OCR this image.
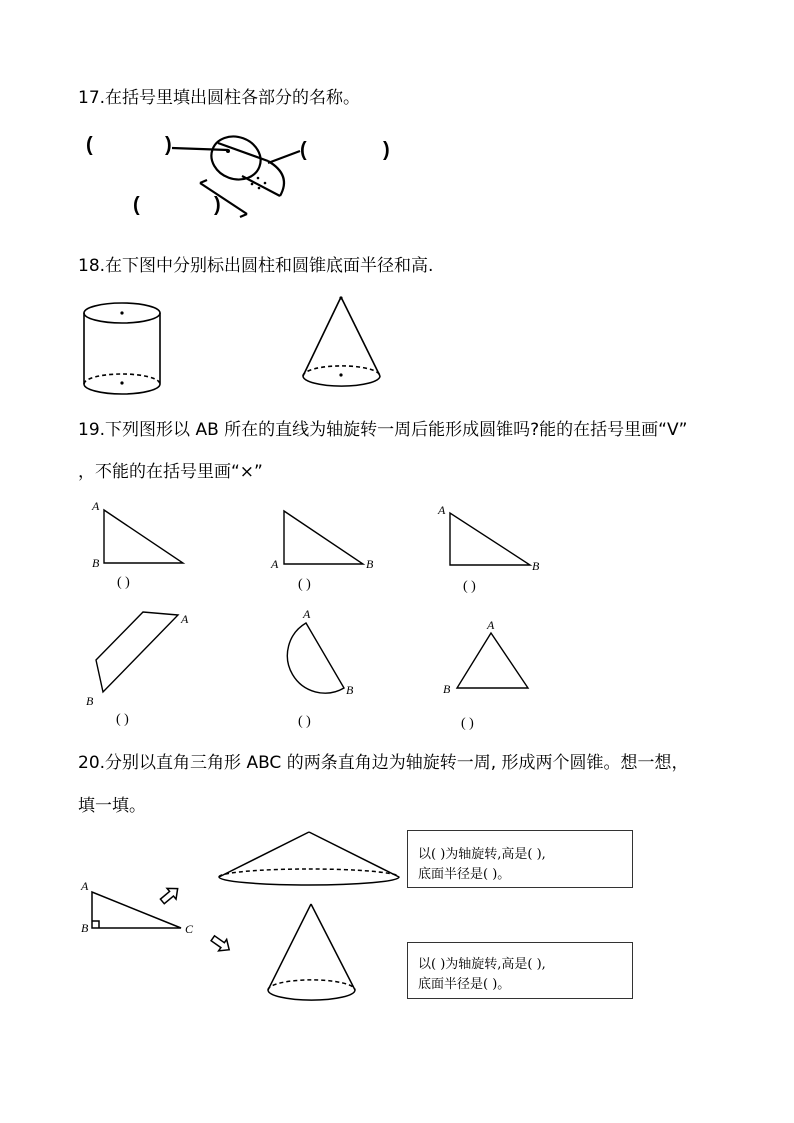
17.在括号里填出圆柱各部分的名称。
(	)	(	)
(	)
18.在下图中分别标出圆柱和圆锥底面半径和高.
19.下列图形以 AB 所在的直线为轴旋转一周后能形成圆锥吗?能的在括号里画“V”
，不能的在括号里画“×”
A
B
( )
A	B
( )
A
B
( )
A
B
( )
A
B
( )
A
B
( )
20.分别以直角三角形 ABC 的两条直角边为轴旋转一周, 形成两个圆锥。想一想，
填一填。
A
B	C
以( )为轴旋转,高是( ),
底面半径是( )。
以( )为轴旋转,高是( ),
底面半径是( )。
